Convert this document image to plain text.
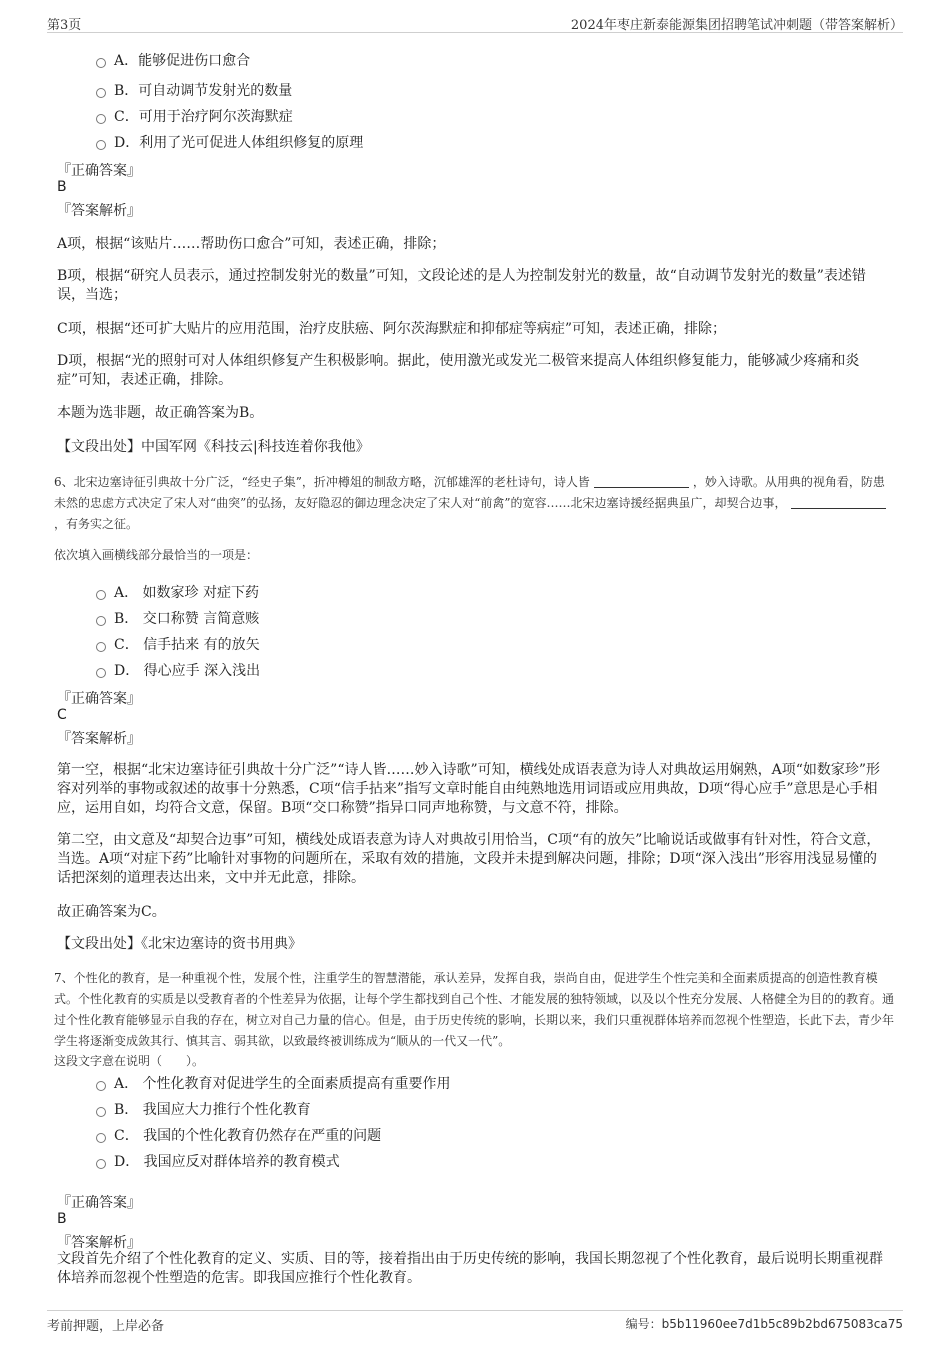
第3页	2024年枣庄新泰能源集团招聘笔试冲刺题（带答案解析）
A．能够促进伤口愈合
B．可自动调节发射光的数量
C．可用于治疗阿尔茨海默症
D．利用了光可促进人体组织修复的原理
『正确答案』
B
『答案解析』
A项，根据“该贴片……帮助伤口愈合”可知，表述正确，排除；
B项，根据“研究人员表示，通过控制发射光的数量”可知，文段论述的是人为控制发射光的数量，故“自动调节发射光的数量”表述错误，当选；
C项，根据“还可扩大贴片的应用范围，治疗皮肤癌、阿尔茨海默症和抑郁症等病症”可知，表述正确，排除；
D项，根据“光的照射可对人体组织修复产生积极影响。据此，使用激光或发光二极管来提高人体组织修复能力，能够减少疼痛和炎症”可知，表述正确，排除。
本题为选非题，故正确答案为B。
【文段出处】中国军网《科技云|科技连着你我他》
6、北宋边塞诗征引典故十分广泛，“经史子集”，折冲樽俎的制敌方略，沉郁雄浑的老杜诗句，诗人皆	，妙入诗歌。从用典的视角看，防患未然的忠虑方式决定了宋人对“曲突”的弘扬，友好隐忍的御边理念决定了宋人对“前禽”的宽容……北宋边塞诗援经据典虽广，却契合边事，，有务实之征。
依次填入画横线部分最恰当的一项是：
A． 如数家珍 对症下药
B． 交口称赞 言简意赅
C． 信手拈来 有的放矢
D． 得心应手 深入浅出
『正确答案』
C
『答案解析』
第一空，根据“北宋边塞诗征引典故十分广泛”“诗人皆……妙入诗歌”可知，横线处成语表意为诗人对典故运用娴熟，A项“如数家珍”形容对列举的事物或叙述的故事十分熟悉，C项“信手拈来”指写文章时能自由纯熟地选用词语或应用典故，D项“得心应手”意思是心手相应，运用自如，均符合文意，保留。B项“交口称赞”指异口同声地称赞，与文意不符，排除。
第二空，由文意及“却契合边事”可知，横线处成语表意为诗人对典故引用恰当，C项“有的放矢”比喻说话或做事有针对性，符合文意，当选。A项“对症下药”比喻针对事物的问题所在，采取有效的措施，文段并未提到解决问题，排除；D项“深入浅出”形容用浅显易懂的话把深刻的道理表达出来，文中并无此意，排除。
故正确答案为C。
【文段出处】《北宋边塞诗的资书用典》
7、个性化的教育，是一种重视个性，发展个性，注重学生的智慧潜能，承认差异，发挥自我，崇尚自由，促进学生个性完美和全面素质提高的创造性教育模式。个性化教育的实质是以受教育者的个性差异为依据，让每个学生都找到自己个性、才能发展的独特领域，以及以个性充分发展、人格健全为目的的教育。通过个性化教育能够显示自我的存在，树立对自己力量的信心。但是，由于历史传统的影响，长期以来，我们只重视群体培养而忽视个性塑造，长此下去，青少年学生将逐渐变成敛其行、慎其言、弱其欲，以致最终被训练成为“顺从的一代又一代”。
这段文字意在说明（　　）。
A． 个性化教育对促进学生的全面素质提高有重要作用
B． 我国应大力推行个性化教育
C． 我国的个性化教育仍然存在严重的问题
D． 我国应反对群体培养的教育模式
『正确答案』
B
『答案解析』
文段首先介绍了个性化教育的定义、实质、目的等，接着指出由于历史传统的影响，我国长期忽视了个性化教育，最后说明长期重视群体培养而忽视个性塑造的危害。即我国应推行个性化教育。
考前押题，上岸必备	编号：b5b11960ee7d1b5c89b2bd675083ca75
